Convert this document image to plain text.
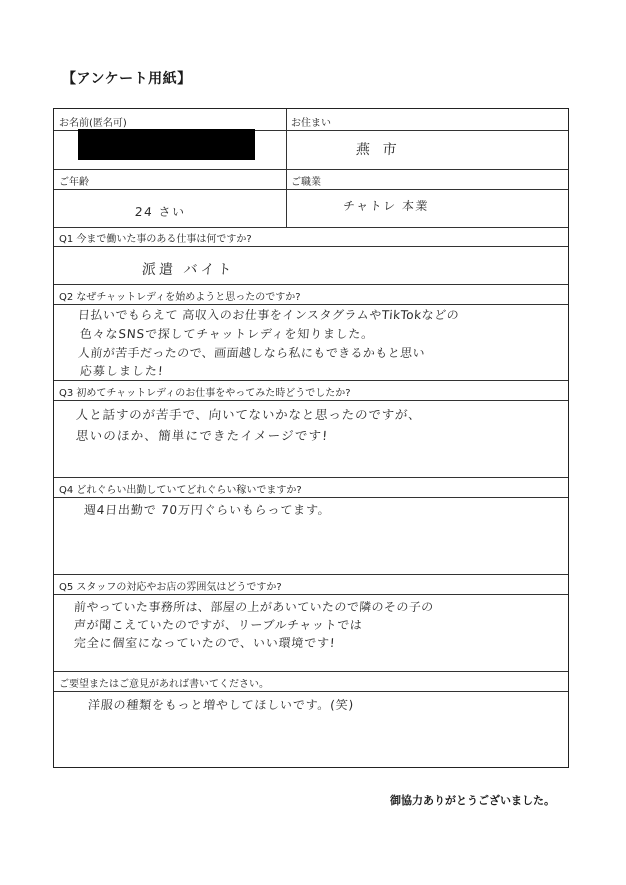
【アンケート用紙】
お名前(匿名可)	お住まい
燕 市
ご年齢
24 さい
ご職業
チャトレ 本業
Q1 今まで働いた事のある仕事は何ですか?
派遣 バイト
Q2 なぜチャットレディを始めようと思ったのですか?
日払いでもらえて 高収入のお仕事をインスタグラムやTikTokなどの
色々なSNSで探してチャットレディを知りました。
人前が苦手だったので、画面越しなら私にもできるかもと思い
応募しました!
Q3 初めてチャットレディのお仕事をやってみた時どうでしたか?
人と話すのが苦手で、向いてないかなと思ったのですが、
思いのほか、簡単にできたイメージです!
Q4 どれぐらい出勤していてどれぐらい稼いでますか?
週4日出勤で 70万円ぐらいもらってます。
Q5 スタッフの対応やお店の雰囲気はどうですか?
前やっていた事務所は、部屋の上があいていたので隣のその子の
声が聞こえていたのですが、リーブルチャットでは
完全に個室になっていたので、いい環境です!
ご要望またはご意見があれば書いてください。
洋服の種類をもっと増やしてほしいです。(笑)
御協力ありがとうございました。
